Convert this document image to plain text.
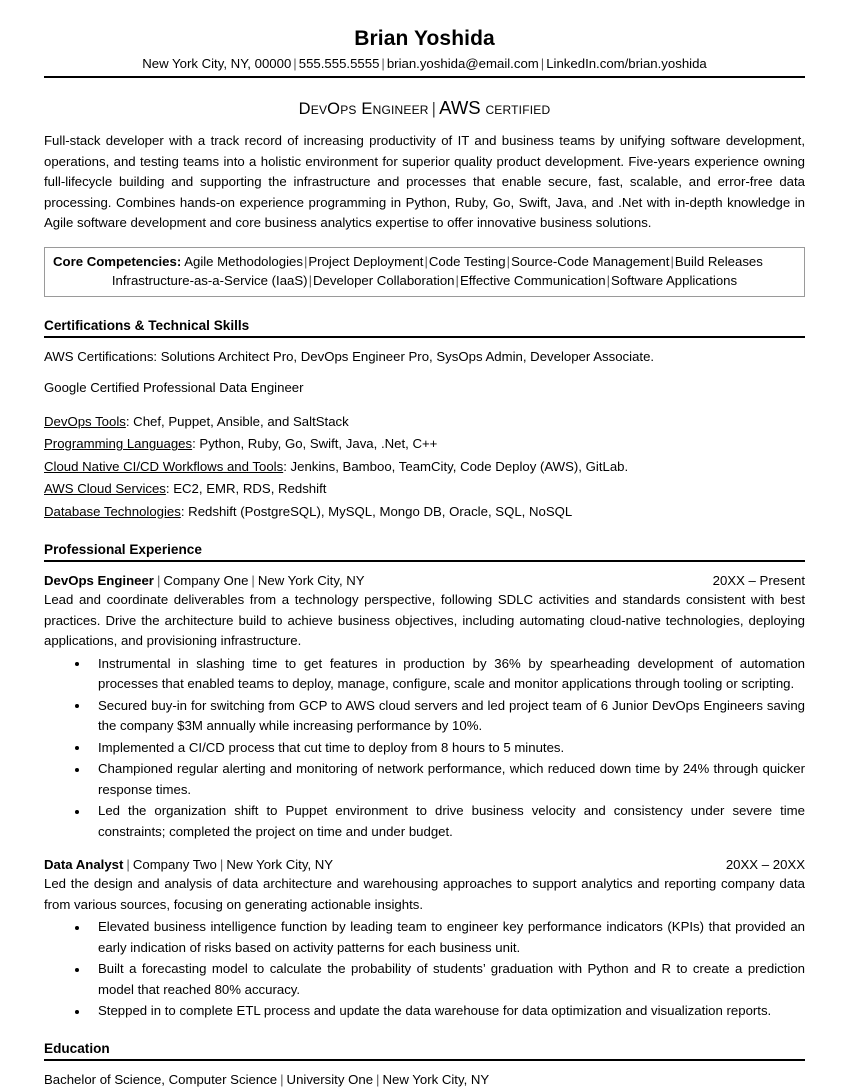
Brian Yoshida
New York City, NY, 00000 | 555.555.5555 | brian.yoshida@email.com | LinkedIn.com/brian.yoshida
DevOps Engineer | AWS certified

Full-stack developer with a track record of increasing productivity of IT and business teams by unifying software development, operations, and testing teams into a holistic environment for superior quality product development. Five-years experience owning full-lifecycle building and supporting the infrastructure and processes that enable secure, fast, scalable, and error-free data processing. Combines hands-on experience programming in Python, Ruby, Go, Swift, Java, and .Net with in-depth knowledge in Agile software development and core business analytics expertise to offer innovative business solutions.

Core Competencies: Agile Methodologies|Project Deployment|Code Testing|Source-Code Management|Build Releases
Infrastructure-as-a-Service (IaaS)|Developer Collaboration|Effective Communication|Software Applications
Certifications & Technical Skills
AWS Certifications: Solutions Architect Pro, DevOps Engineer Pro, SysOps Admin, Developer Associate.
Google Certified Professional Data Engineer
DevOps Tools: Chef, Puppet, Ansible, and SaltStack
Programming Languages: Python, Ruby, Go, Swift, Java, .Net, C++
Cloud Native CI/CD Workflows and Tools: Jenkins, Bamboo, TeamCity, Code Deploy (AWS), GitLab.
AWS Cloud Services: EC2, EMR, RDS, Redshift
Database Technologies: Redshift (PostgreSQL), MySQL, Mongo DB, Oracle, SQL, NoSQL
Professional Experience
DevOps Engineer | Company One | New York City, NY	20XX – Present

Lead and coordinate deliverables from a technology perspective, following SDLC activities and standards consistent with best practices. Drive the architecture build to achieve business objectives, including automating cloud-native technologies, deploying applications, and provisioning infrastructure.

Instrumental in slashing time to get features in production by 36% by spearheading development of automation processes that enabled teams to deploy, manage, configure, scale and monitor applications through tooling or scripting.
Secured buy-in for switching from GCP to AWS cloud servers and led project team of 6 Junior DevOps Engineers saving the company $3M annually while increasing performance by 10%.
Implemented a CI/CD process that cut time to deploy from 8 hours to 5 minutes.
Championed regular alerting and monitoring of network performance, which reduced down time by 24% through quicker response times.
Led the organization shift to Puppet environment to drive business velocity and consistency under severe time constraints; completed the project on time and under budget.
Data Analyst | Company Two | New York City, NY	20XX – 20XX

Led the design and analysis of data architecture and warehousing approaches to support analytics and reporting company data from various sources, focusing on generating actionable insights.

Elevated business intelligence function by leading team to engineer key performance indicators (KPIs) that provided an early indication of risks based on activity patterns for each business unit.
Built a forecasting model to calculate the probability of students’ graduation with Python and R to create a prediction model that reached 80% accuracy.
Stepped in to complete ETL process and update the data warehouse for data optimization and visualization reports.
Education
Bachelor of Science, Computer Science | University One | New York City, NY
